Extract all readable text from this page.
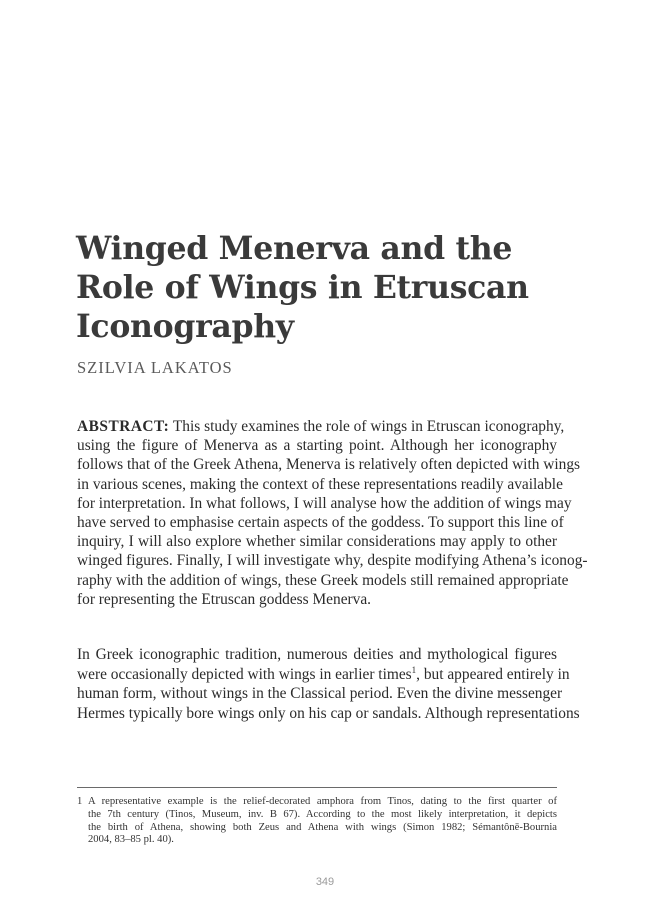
Winged Menerva and the
Role of Wings in Etruscan
Iconography

SZILVIA LAKATOS

ABSTRACT: This study examines the role of wings in Etruscan iconography,
using the figure of Menerva as a starting point. Although her iconography
follows that of the Greek Athena, Menerva is relatively often depicted with wings
in various scenes, making the context of these representations readily available
for interpretation. In what follows, I will analyse how the addition of wings may
have served to emphasise certain aspects of the goddess. To support this line of
inquiry, I will also explore whether similar considerations may apply to other
winged figures. Finally, I will investigate why, despite modifying Athena’s iconog-
raphy with the addition of wings, these Greek models still remained appropriate
for representing the Etruscan goddess Menerva.
In Greek iconographic tradition, numerous deities and mythological figures
were occasionally depicted with wings in earlier times$^1$, but appeared entirely in
human form, without wings in the Classical period. Even the divine messenger
Hermes typically bore wings only on his cap or sandals. Although representations
1 A representative example is the relief-decorated amphora from Tinos, dating to the first quarter of
the 7th century (Tinos, Museum, inv. B 67). According to the most likely interpretation, it depicts
the birth of Athena, showing both Zeus and Athena with wings (Simon 1982; Sémantônē-Bournia
2004, 83–85 pl. 40).
349
